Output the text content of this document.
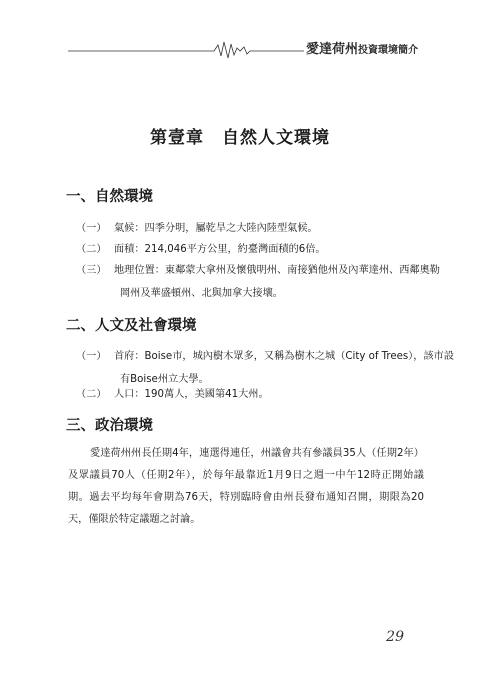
愛達荷州投資環境簡介
第壹章　自然人文環境
一、自然環境
（一） 氣候：四季分明，屬乾旱之大陸內陸型氣候。
（二） 面積：214,046平方公里，約臺灣面積的6倍。
（三） 地理位置：東鄰蒙大拿州及懷俄明州、南接猶他州及內華達州、西鄰奧勒
岡州及華盛頓州、北與加拿大接壤。
二、人文及社會環境
（一） 首府：Boise市，城內樹木眾多，又稱為樹木之城（City of Trees），該市設
有Boise州立大學。
（二） 人口：190萬人，美國第41大州。
三、政治環境
愛達荷州州長任期4年，連選得連任，州議會共有參議員35人（任期2年）及眾議員70人（任期2年），於每年最靠近1月9日之週一中午12時正開始議期。過去平均每年會期為76天，特別臨時會由州長發布通知召開，期限為20天，僅限於特定議題之討論。
29
